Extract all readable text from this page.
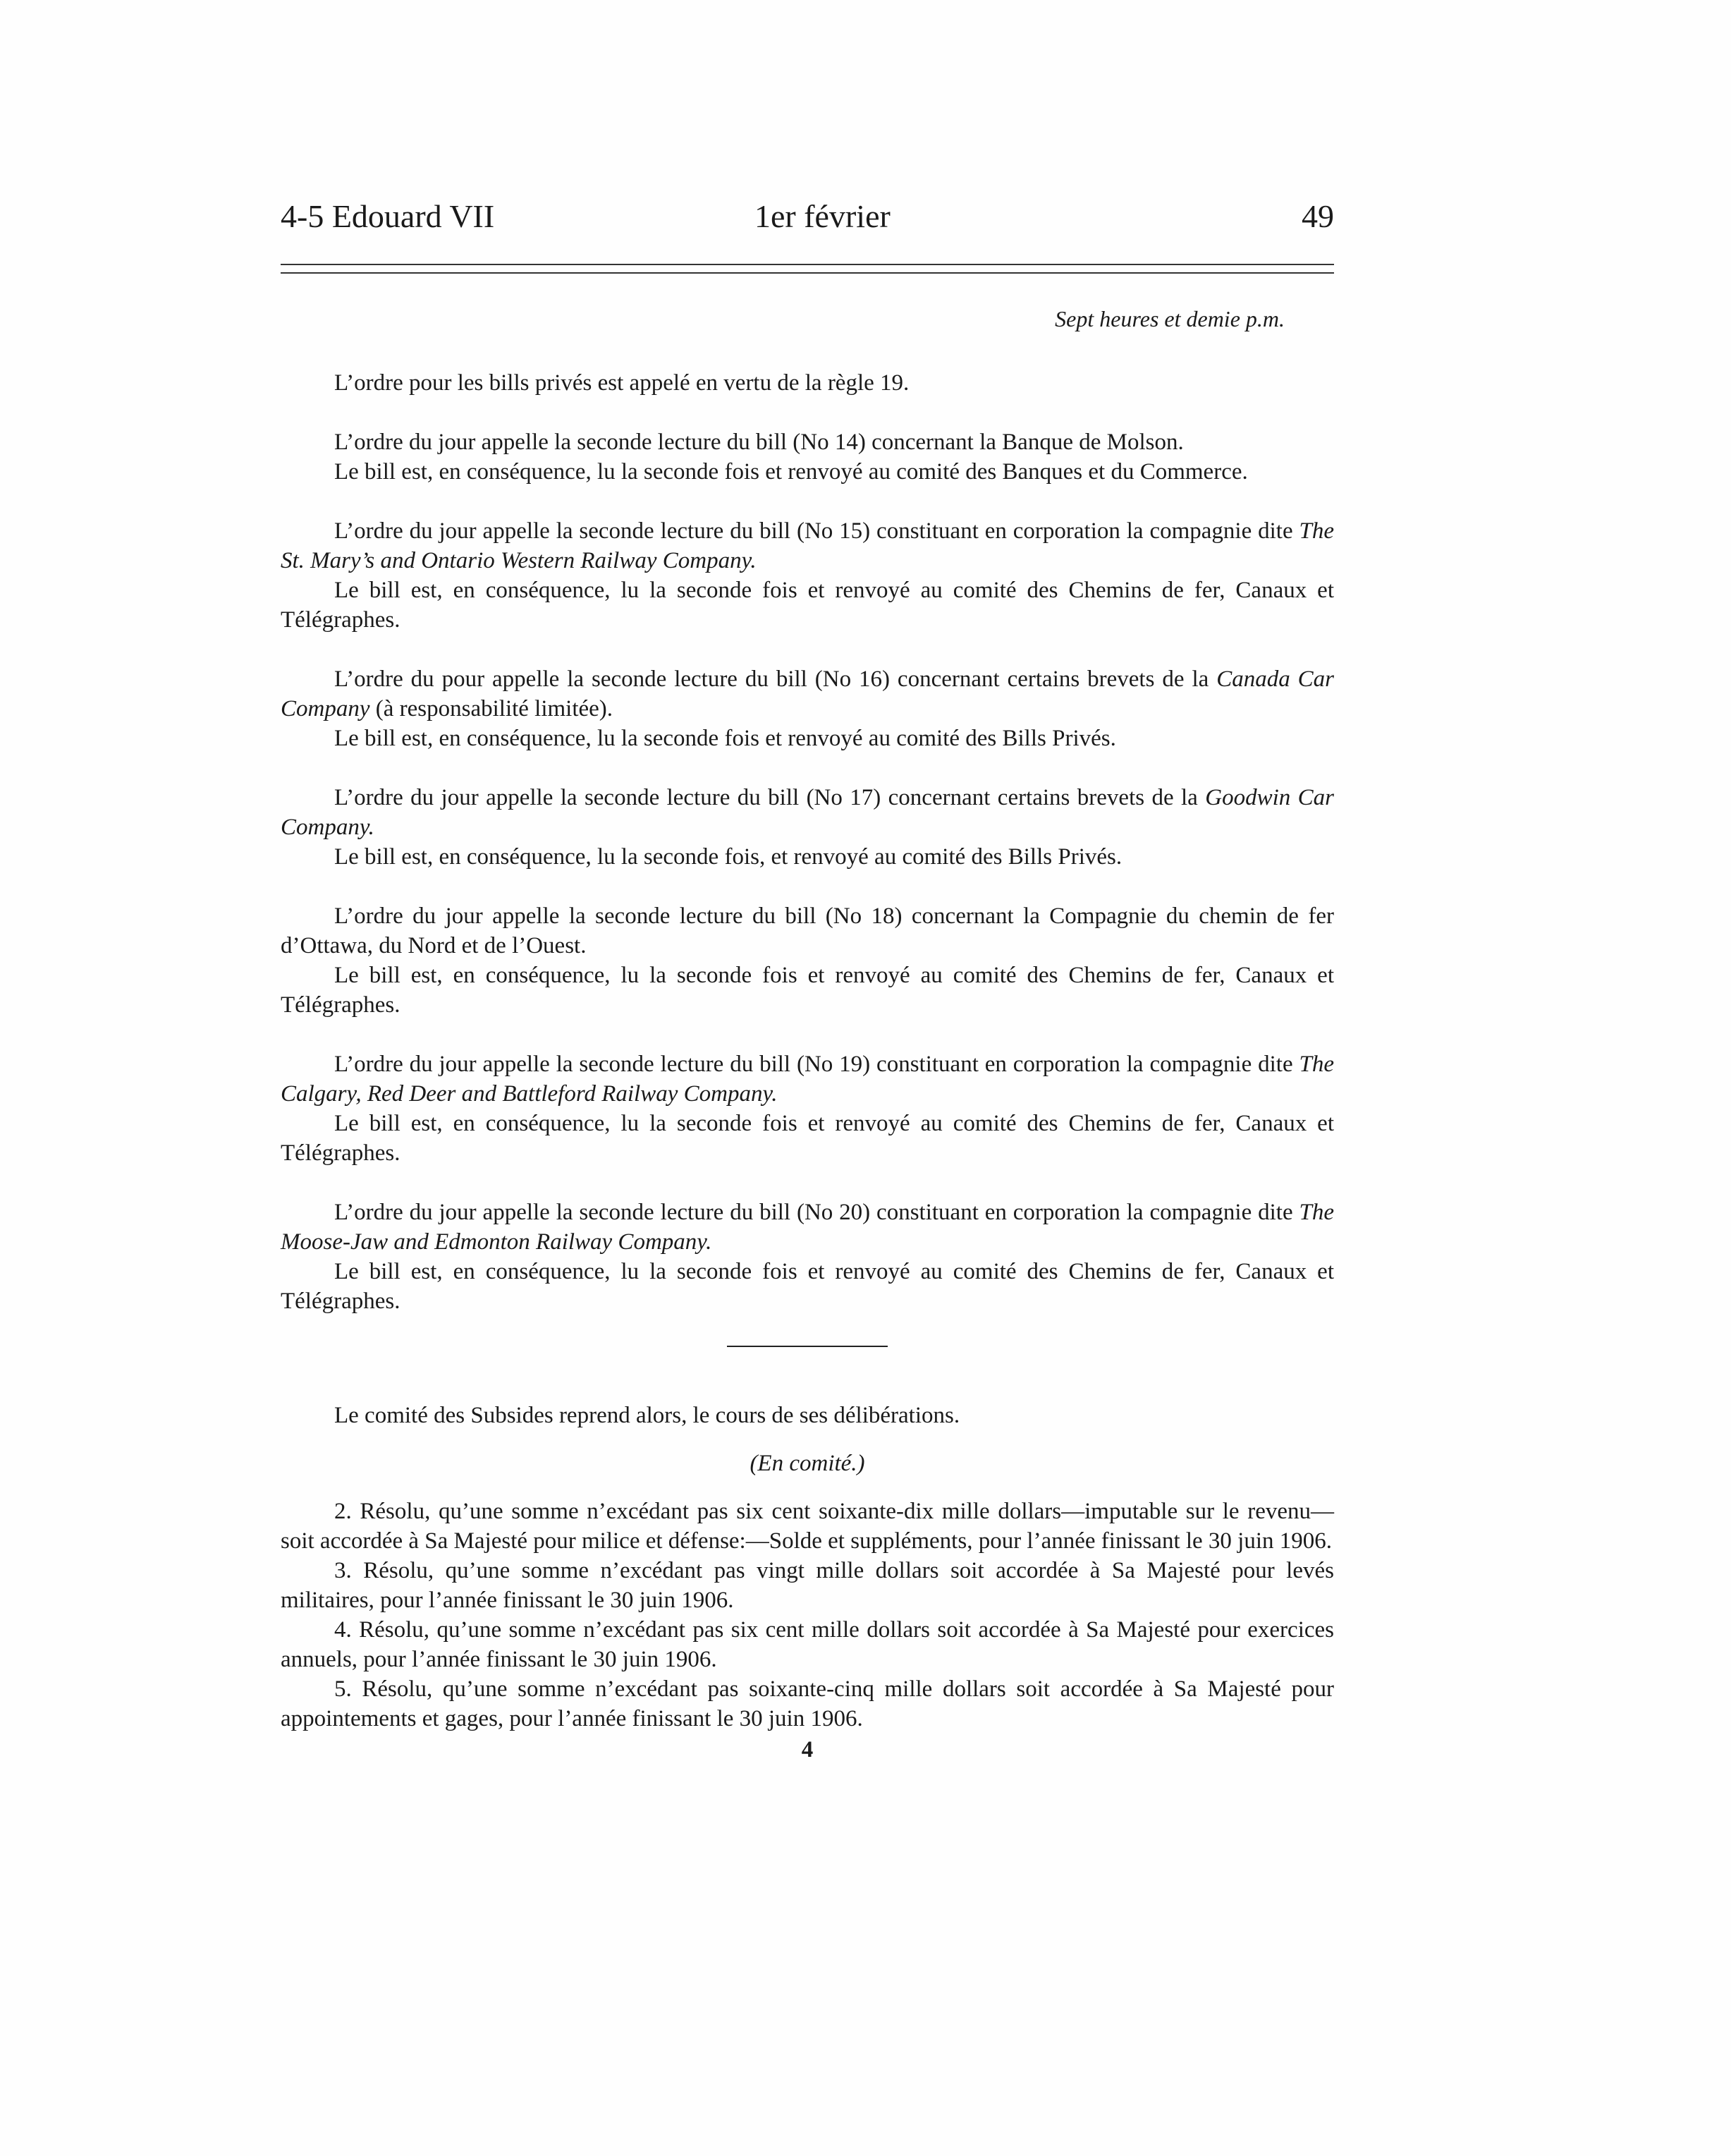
4-5 Edouard VII	1er février	49
Sept heures et demie p.m.

L’ordre pour les bills privés est appelé en vertu de la règle 19.

L’ordre du jour appelle la seconde lecture du bill (No 14) concernant la Banque de Molson.

Le bill est, en conséquence, lu la seconde fois et renvoyé au comité des Banques et du Commerce.

L’ordre du jour appelle la seconde lecture du bill (No 15) constituant en corporation la compagnie dite The St. Mary’s and Ontario Western Railway Company.

Le bill est, en conséquence, lu la seconde fois et renvoyé au comité des Chemins de fer, Canaux et Télégraphes.

L’ordre du pour appelle la seconde lecture du bill (No 16) concernant certains brevets de la Canada Car Company (à responsabilité limitée).

Le bill est, en conséquence, lu la seconde fois et renvoyé au comité des Bills Privés.

L’ordre du jour appelle la seconde lecture du bill (No 17) concernant certains brevets de la Goodwin Car Company.

Le bill est, en conséquence, lu la seconde fois, et renvoyé au comité des Bills Privés.

L’ordre du jour appelle la seconde lecture du bill (No 18) concernant la Compagnie du chemin de fer d’Ottawa, du Nord et de l’Ouest.

Le bill est, en conséquence, lu la seconde fois et renvoyé au comité des Chemins de fer, Canaux et Télégraphes.

L’ordre du jour appelle la seconde lecture du bill (No 19) constituant en corporation la compagnie dite The Calgary, Red Deer and Battleford Railway Company.

Le bill est, en conséquence, lu la seconde fois et renvoyé au comité des Chemins de fer, Canaux et Télégraphes.

L’ordre du jour appelle la seconde lecture du bill (No 20) constituant en corporation la compagnie dite The Moose-Jaw and Edmonton Railway Company.

Le bill est, en conséquence, lu la seconde fois et renvoyé au comité des Chemins de fer, Canaux et Télégraphes.

Le comité des Subsides reprend alors, le cours de ses délibérations.

(En comité.)

2. Résolu, qu’une somme n’excédant pas six cent soixante-dix mille dollars—imputable sur le revenu—soit accordée à Sa Majesté pour milice et défense:—Solde et suppléments, pour l’année finissant le 30 juin 1906.

3. Résolu, qu’une somme n’excédant pas vingt mille dollars soit accordée à Sa Majesté pour levés militaires, pour l’année finissant le 30 juin 1906.

4. Résolu, qu’une somme n’excédant pas six cent mille dollars soit accordée à Sa Majesté pour exercices annuels, pour l’année finissant le 30 juin 1906.

5. Résolu, qu’une somme n’excédant pas soixante-cinq mille dollars soit accordée à Sa Majesté pour appointements et gages, pour l’année finissant le 30 juin 1906.

4
